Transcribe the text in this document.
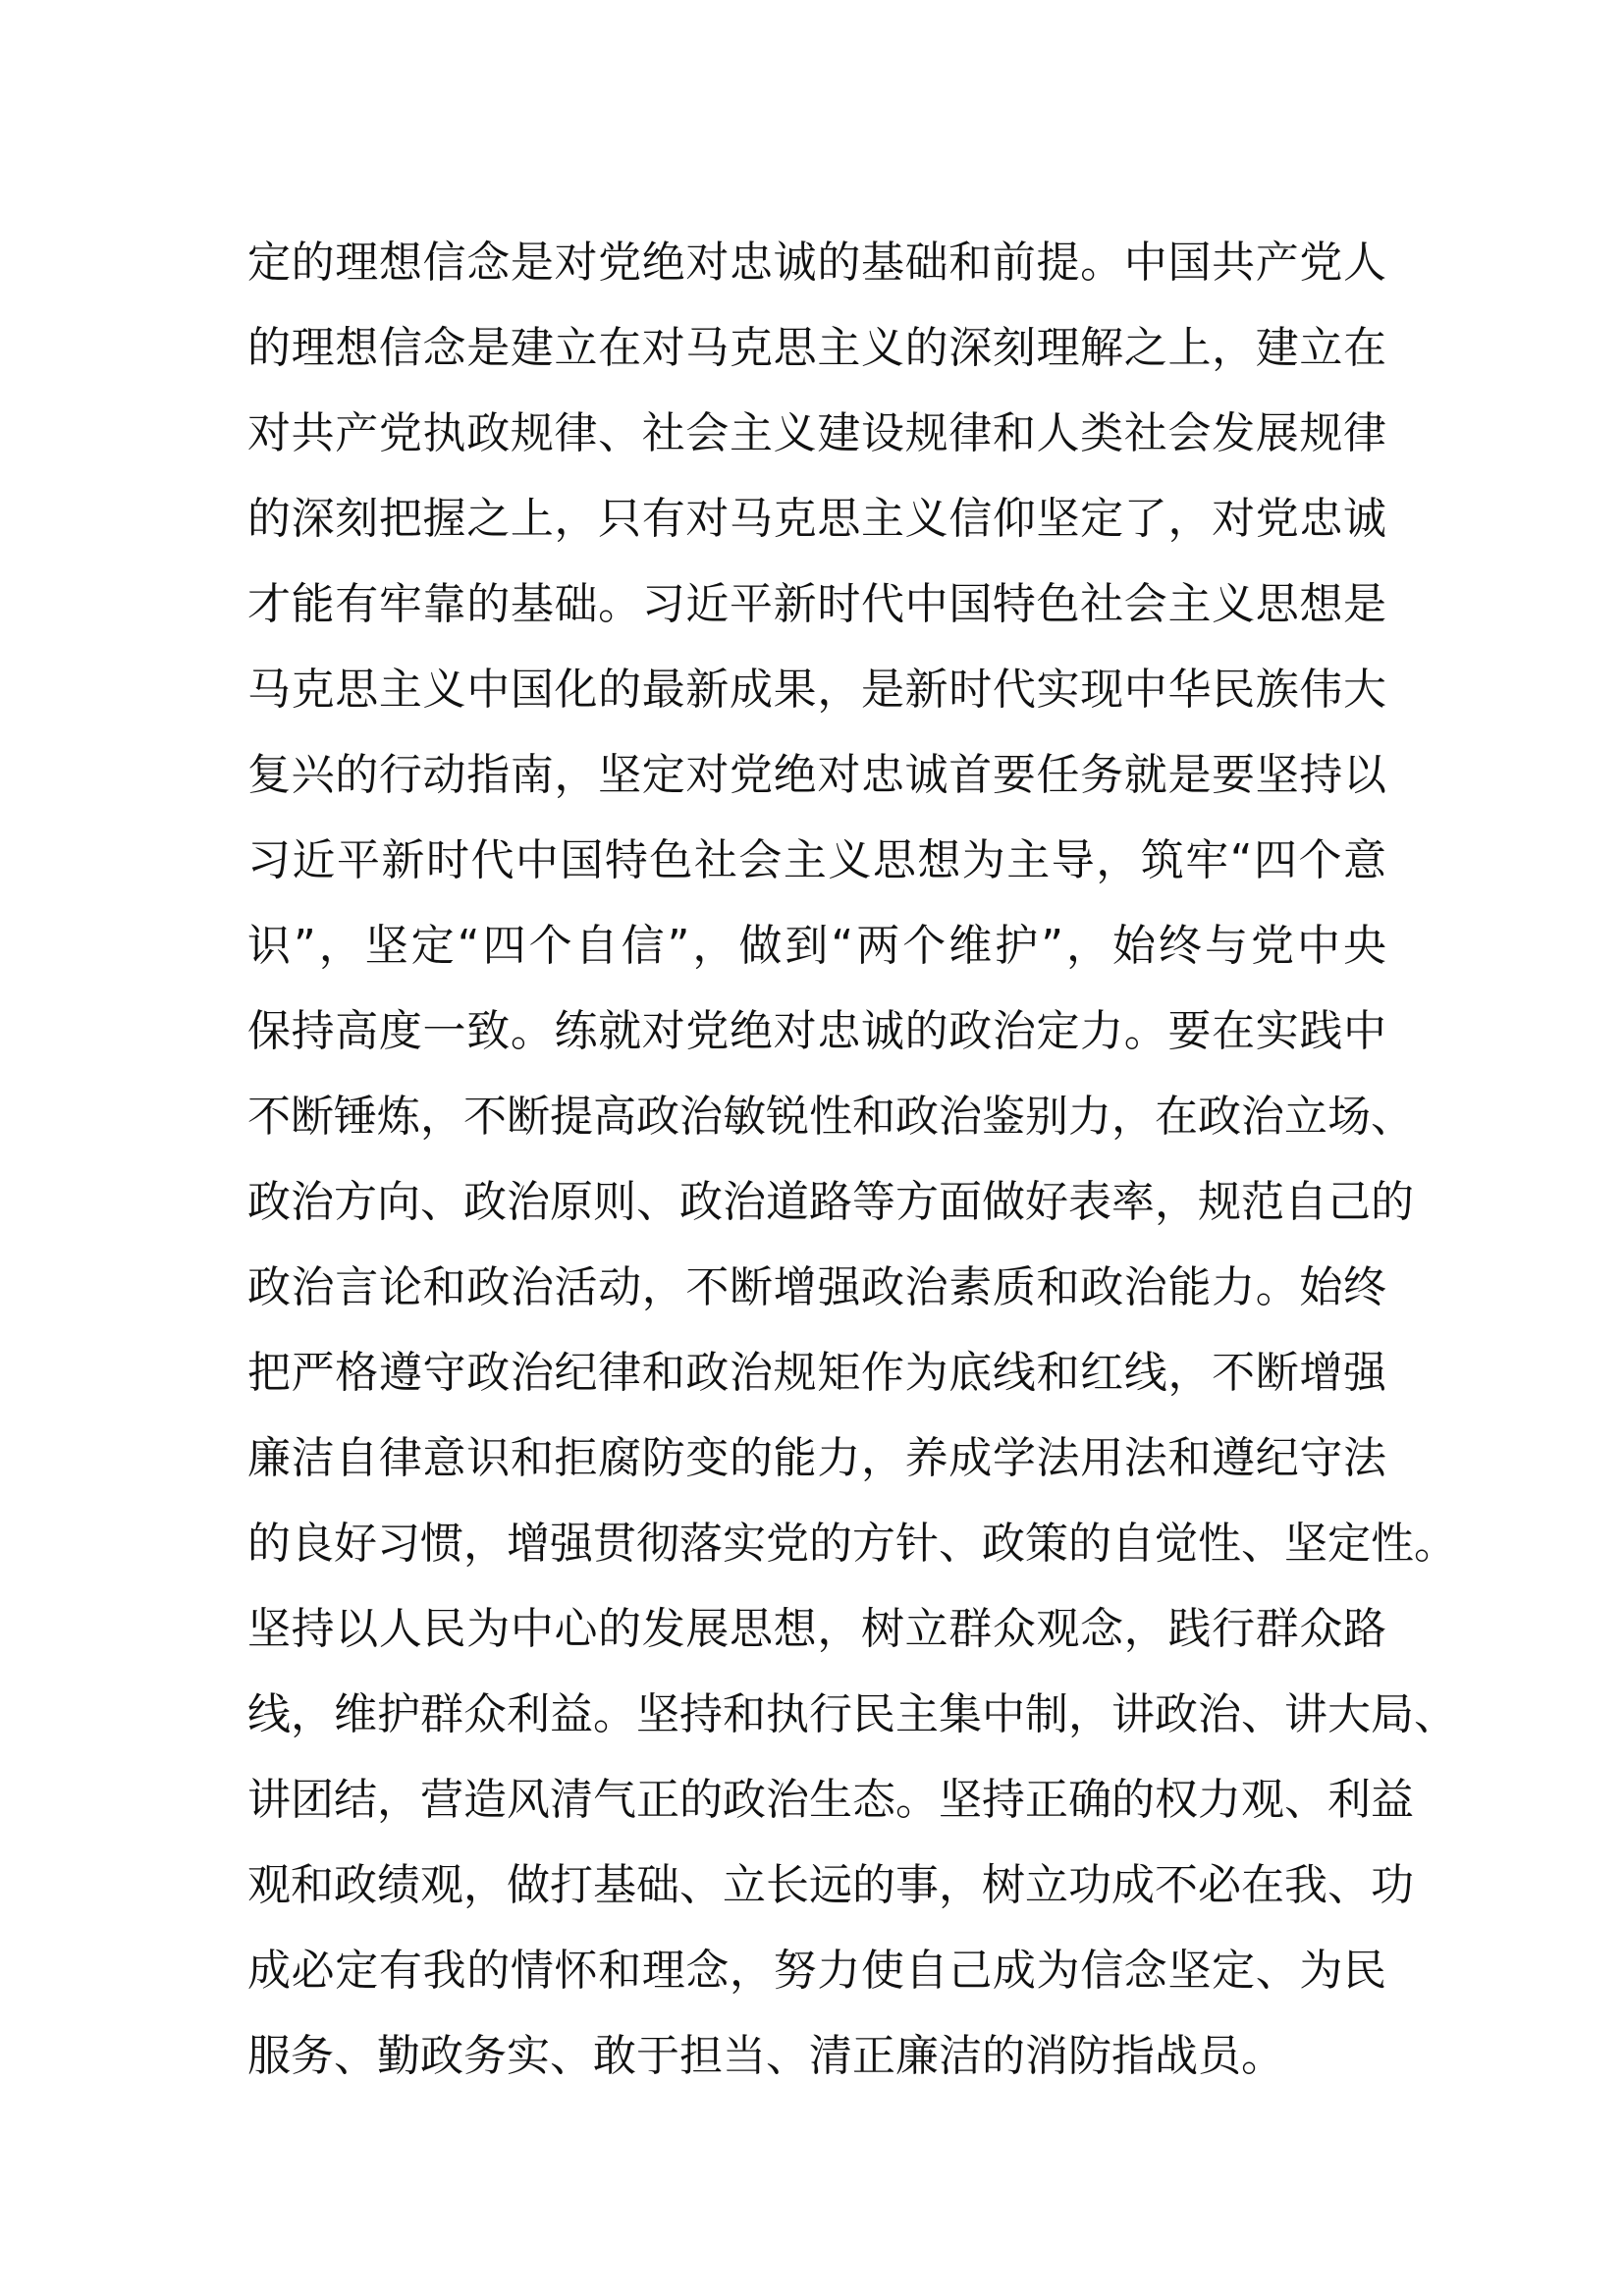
定的理想信念是对党绝对忠诚的基础和前提。中国共产党人
的理想信念是建立在对马克思主义的深刻理解之上，建立在
对共产党执政规律、社会主义建设规律和人类社会发展规律
的深刻把握之上，只有对马克思主义信仰坚定了，对党忠诚
才能有牢靠的基础。习近平新时代中国特色社会主义思想是
马克思主义中国化的最新成果，是新时代实现中华民族伟大
复兴的行动指南，坚定对党绝对忠诚首要任务就是要坚持以
习近平新时代中国特色社会主义思想为主导，筑牢“四个意
识”，坚定“四个自信”，做到“两个维护”，始终与党中央
保持高度一致。练就对党绝对忠诚的政治定力。要在实践中
不断锤炼，不断提高政治敏锐性和政治鉴别力，在政治立场、
政治方向、政治原则、政治道路等方面做好表率，规范自己的
政治言论和政治活动，不断增强政治素质和政治能力。始终
把严格遵守政治纪律和政治规矩作为底线和红线，不断增强
廉洁自律意识和拒腐防变的能力，养成学法用法和遵纪守法
的良好习惯，增强贯彻落实党的方针、政策的自觉性、坚定性。
坚持以人民为中心的发展思想，树立群众观念，践行群众路
线，维护群众利益。坚持和执行民主集中制，讲政治、讲大局、
讲团结，营造风清气正的政治生态。坚持正确的权力观、利益
观和政绩观，做打基础、立长远的事，树立功成不必在我、功
成必定有我的情怀和理念，努力使自己成为信念坚定、为民
服务、勤政务实、敢于担当、清正廉洁的消防指战员。
